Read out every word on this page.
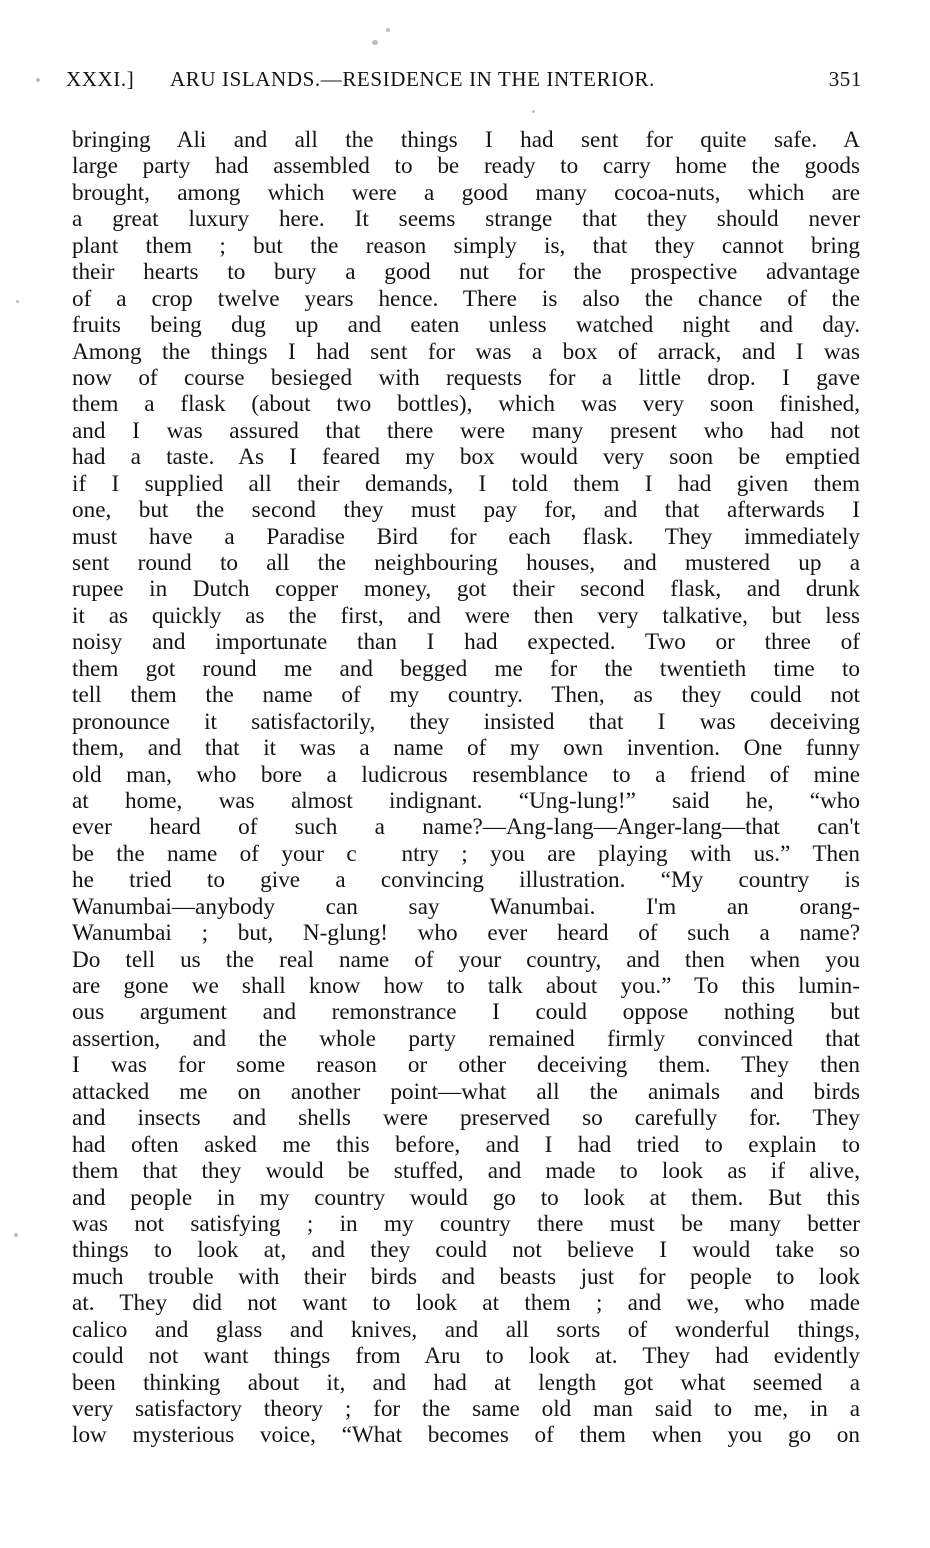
XXXI.] ARU ISLANDS.—RESIDENCE IN THE INTERIOR.	351
bringing Ali and all the things I had sent for quite safe. A
large party had assembled to be ready to carry home the goods
brought, among which were a good many cocoa-nuts, which are
a great luxury here. It seems strange that they should never
plant them ; but the reason simply is, that they cannot bring
their hearts to bury a good nut for the prospective advantage
of a crop twelve years hence. There is also the chance of the
fruits being dug up and eaten unless watched night and day.
Among the things I had sent for was a box of arrack, and I was
now of course besieged with requests for a little drop. I gave
them a flask (about two bottles), which was very soon finished,
and I was assured that there were many present who had not
had a taste. As I feared my box would very soon be emptied
if I supplied all their demands, I told them I had given them
one, but the second they must pay for, and that afterwards I
must have a Paradise Bird for each flask. They immediately
sent round to all the neighbouring houses, and mustered up a
rupee in Dutch copper money, got their second flask, and drunk
it as quickly as the first, and were then very talkative, but less
noisy and importunate than I had expected. Two or three of
them got round me and begged me for the twentieth time to
tell them the name of my country. Then, as they could not
pronounce it satisfactorily, they insisted that I was deceiving
them, and that it was a name of my own invention. One funny
old man, who bore a ludicrous resemblance to a friend of mine
at home, was almost indignant. “Ung-lung!” said he, “who
ever heard of such a name?—Ang-lang—Anger-lang—that can't
be the name of your c‍ ‍ ntry ; you are playing with us.” Then
he tried to give a c‍onvincing illustration. “My country is
Wanumbai—anybody can say Wanumbai. I'm an orang-
Wanumbai ; but, N-glung! who ever heard of such a name?
Do tell us the real name of your country, and then when you
are gone we shall know how to talk about you.” To this lumin-
ous argument and remonstrance I could oppose nothing but
assertion, and the whole party remained firmly convinced that
I was for some reason or other deceiving them. They then
attacked me on another point—what all the animals and birds
and insects and shells were preserved so carefully for. They
had often asked me this before, and I had tried to explain to
them that they would be stuffed, and made to look as if alive,
and people in my country would go to look at them. But this
was not satisfying ; in my country there must be many better
things to look at, and they could not believe I would take so
much trouble with their birds and beasts just for people to look
at. They did not want to look at them ; and we, who made
calico and glass and knives, and all sorts of wonderful things,
could not want things from Aru to look at. They had evidently
been thinking about it, and had at length got what seemed a
very satisfactory theory ; for the same old man said to me, in a
low mysterious voice, “What becomes of them when you go on
